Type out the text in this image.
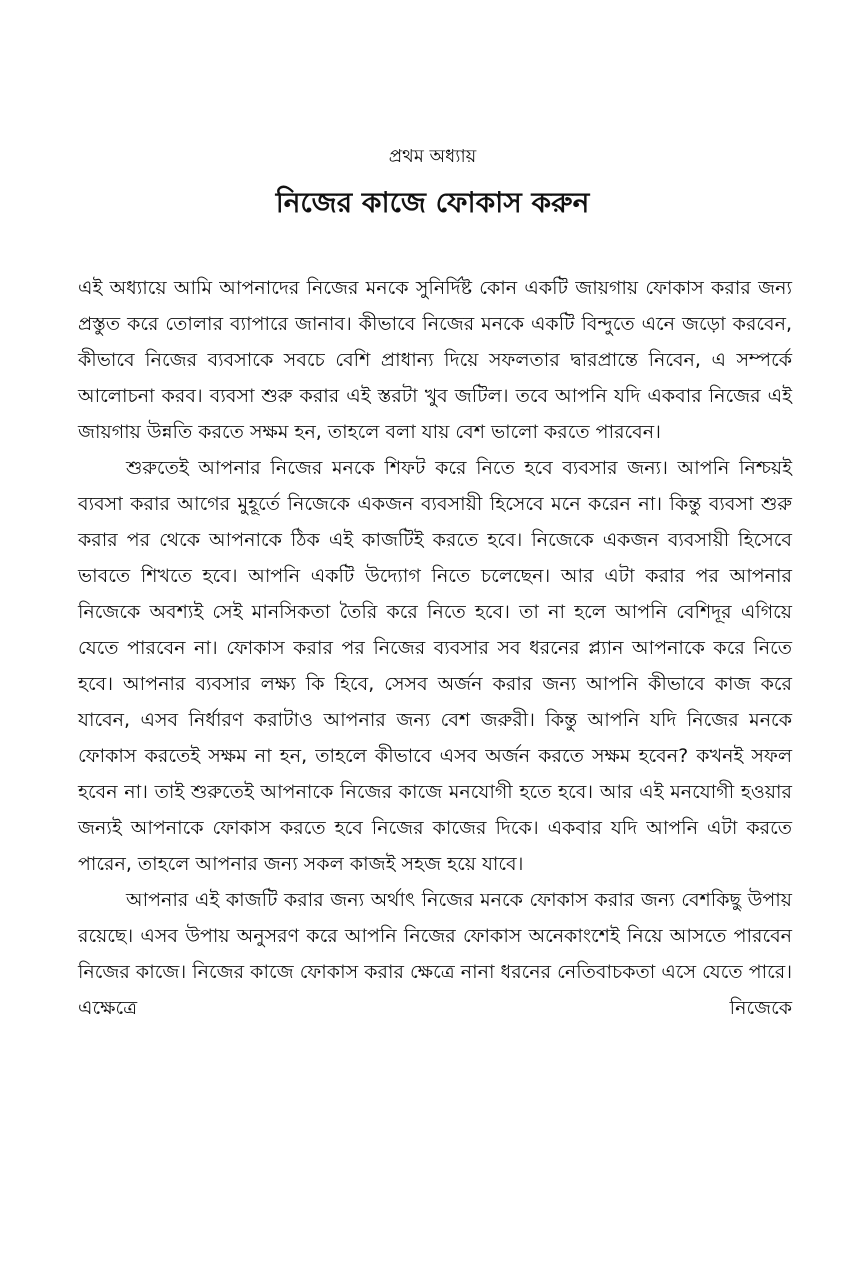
প্রথম অধ্যায়
নিজের কাজে ফোকাস করুন

এই অধ্যায়ে আমি আপনাদের নিজের মনকে সুনির্দিষ্ট কোন একটি জায়গায় ফোকাস করার জন্য প্রস্তুত করে তোলার ব্যাপারে জানাব। কীভাবে নিজের মনকে একটি বিন্দুতে এনে জড়ো করবেন, কীভাবে নিজের ব্যবসাকে সবচে বেশি প্রাধান্য দিয়ে সফলতার দ্বারপ্রান্তে নিবেন, এ সম্পর্কে আলোচনা করব। ব্যবসা শুরু করার এই স্তরটা খুব জটিল। তবে আপনি যদি একবার নিজের এই জায়গায় উন্নতি করতে সক্ষম হন, তাহলে বলা যায় বেশ ভালো করতে পারবেন।

শুরুতেই আপনার নিজের মনকে শিফট করে নিতে হবে ব্যবসার জন্য। আপনি নিশ্চয়ই ব্যবসা করার আগের মুহূর্তে নিজেকে একজন ব্যবসায়ী হিসেবে মনে করেন না। কিন্তু ব্যবসা শুরু করার পর থেকে আপনাকে ঠিক এই কাজটিই করতে হবে। নিজেকে একজন ব্যবসায়ী হিসেবে ভাবতে শিখতে হবে। আপনি একটি উদ্যোগ নিতে চলেছেন। আর এটা করার পর আপনার নিজেকে অবশ্যই সেই মানসিকতা তৈরি করে নিতে হবে। তা না হলে আপনি বেশিদূর এগিয়ে যেতে পারবেন না। ফোকাস করার পর নিজের ব্যবসার সব ধরনের প্ল্যান আপনাকে করে নিতে হবে। আপনার ব্যবসার লক্ষ্য কি হিবে, সেসব অর্জন করার জন্য আপনি কীভাবে কাজ করে যাবেন, এসব নির্ধারণ করাটাও আপনার জন্য বেশ জরুরী। কিন্তু আপনি যদি নিজের মনকে ফোকাস করতেই সক্ষম না হন, তাহলে কীভাবে এসব অর্জন করতে সক্ষম হবেন? কখনই সফল হবেন না। তাই শুরুতেই আপনাকে নিজের কাজে মনযোগী হতে হবে। আর এই মনযোগী হওয়ার জন্যই আপনাকে ফোকাস করতে হবে নিজের কাজের দিকে। একবার যদি আপনি এটা করতে পারেন, তাহলে আপনার জন্য সকল কাজই সহজ হয়ে যাবে।

আপনার এই কাজটি করার জন্য অর্থাৎ নিজের মনকে ফোকাস করার জন্য বেশকিছু উপায় রয়েছে। এসব উপায় অনুসরণ করে আপনি নিজের ফোকাস অনেকাংশেই নিয়ে আসতে পারবেন নিজের কাজে। নিজের কাজে ফোকাস করার ক্ষেত্রে নানা ধরনের নেতিবাচকতা এসে যেতে পারে। এক্ষেত্রে নিজেকে
